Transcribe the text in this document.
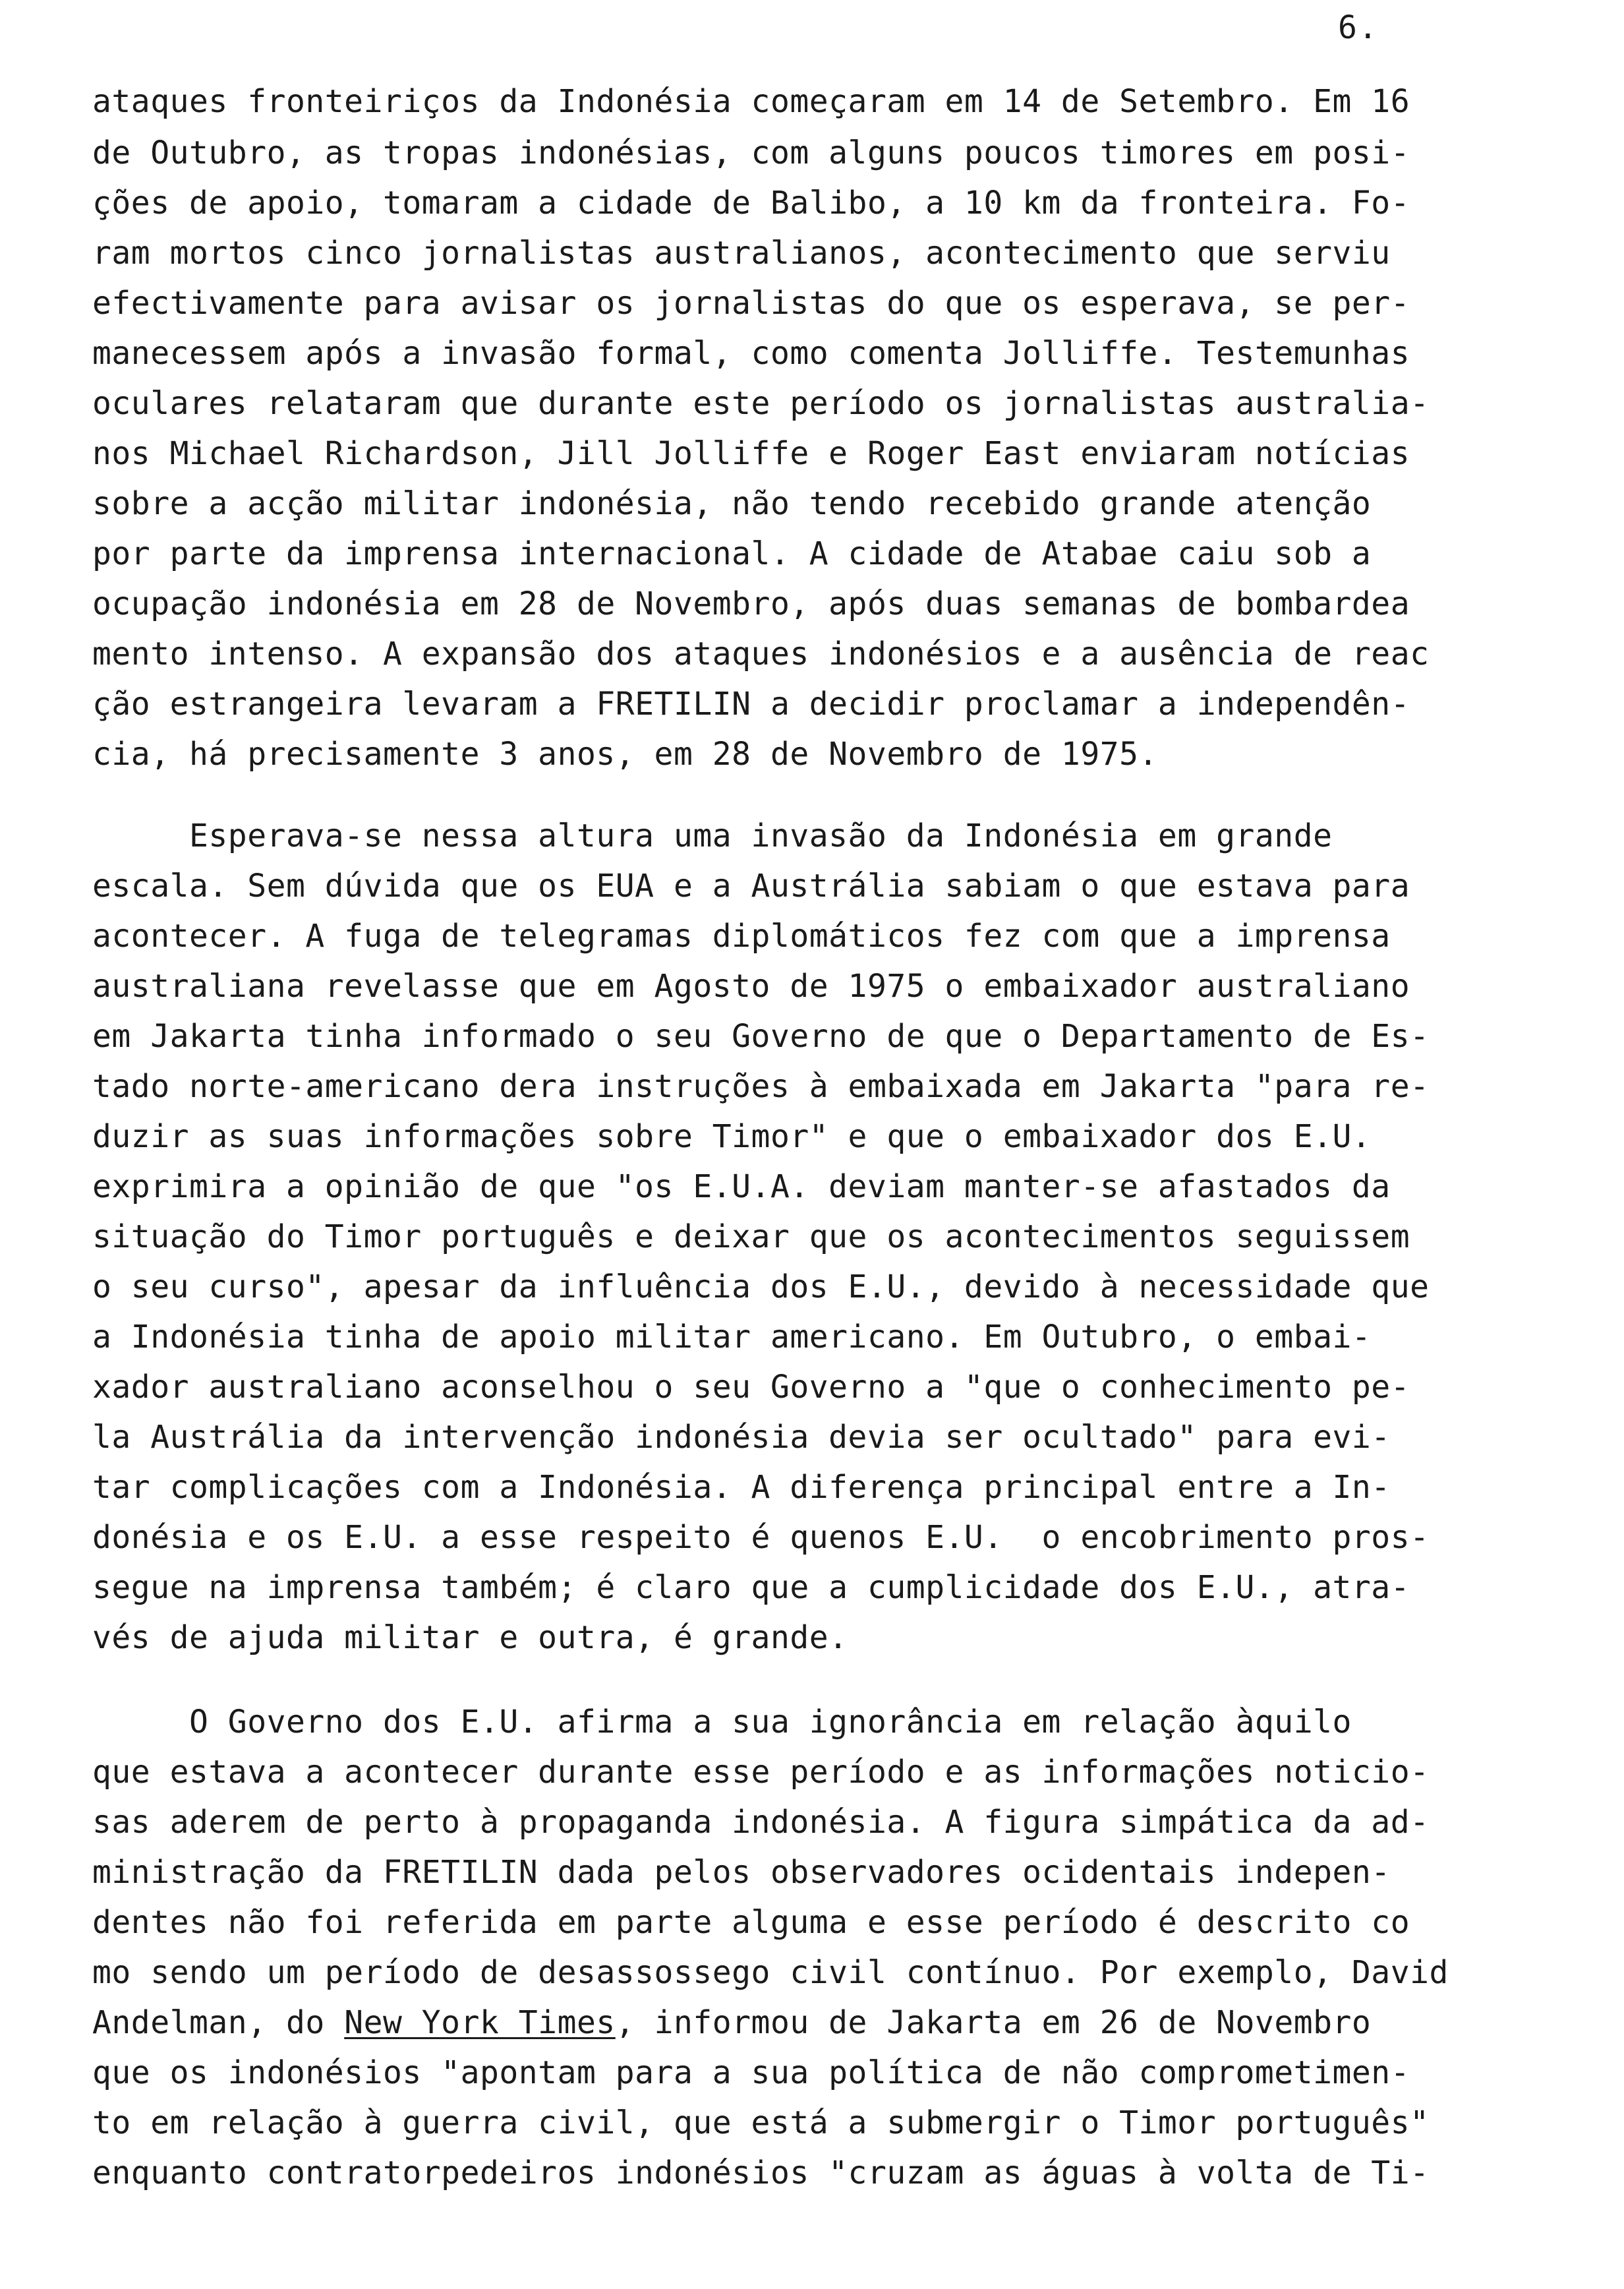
6.
ataques fronteiriços da Indonésia começaram em 14 de Setembro. Em 16
de Outubro, as tropas indonésias, com alguns poucos timores em posi-
ções de apoio, tomaram a cidade de Balibo, a 10 km da fronteira. Fo-
ram mortos cinco jornalistas australianos, acontecimento que serviu
efectivamente para avisar os jornalistas do que os esperava, se per-
manecessem após a invasão formal, como comenta Jolliffe. Testemunhas
oculares relataram que durante este período os jornalistas australia-
nos Michael Richardson, Jill Jolliffe e Roger East enviaram notícias
sobre a acção militar indonésia, não tendo recebido grande atenção
por parte da imprensa internacional. A cidade de Atabae caiu sob a
ocupação indonésia em 28 de Novembro, após duas semanas de bombardea
mento intenso. A expansão dos ataques indonésios e a ausência de reac
ção estrangeira levaram a FRETILIN a decidir proclamar a independên-
cia, há precisamente 3 anos, em 28 de Novembro de 1975.
Esperava-se nessa altura uma invasão da Indonésia em grande
escala. Sem dúvida que os EUA e a Austrália sabiam o que estava para
acontecer. A fuga de telegramas diplomáticos fez com que a imprensa
australiana revelasse que em Agosto de 1975 o embaixador australiano
em Jakarta tinha informado o seu Governo de que o Departamento de Es-
tado norte-americano dera instruções à embaixada em Jakarta "para re-
duzir as suas informações sobre Timor" e que o embaixador dos E.U.
exprimira a opinião de que "os E.U.A. deviam manter-se afastados da
situação do Timor português e deixar que os acontecimentos seguissem
o seu curso", apesar da influência dos E.U., devido à necessidade que
a Indonésia tinha de apoio militar americano. Em Outubro, o embai-
xador australiano aconselhou o seu Governo a "que o conhecimento pe-
la Austrália da intervenção indonésia devia ser ocultado" para evi-
tar complicações com a Indonésia. A diferença principal entre a In-
donésia e os E.U. a esse respeito é quenos E.U.  o encobrimento pros-
segue na imprensa também; é claro que a cumplicidade dos E.U., atra-
vés de ajuda militar e outra, é grande.
O Governo dos E.U. afirma a sua ignorância em relação àquilo
que estava a acontecer durante esse período e as informações noticio-
sas aderem de perto à propaganda indonésia. A figura simpática da ad-
ministração da FRETILIN dada pelos observadores ocidentais indepen-
dentes não foi referida em parte alguma e esse período é descrito co
mo sendo um período de desassossego civil contínuo. Por exemplo, David
Andelman, do New York Times, informou de Jakarta em 26 de Novembro
que os indonésios "apontam para a sua política de não comprometimen-
to em relação à guerra civil, que está a submergir o Timor português"
enquanto contratorpedeiros indonésios "cruzam as águas à volta de Ti-
